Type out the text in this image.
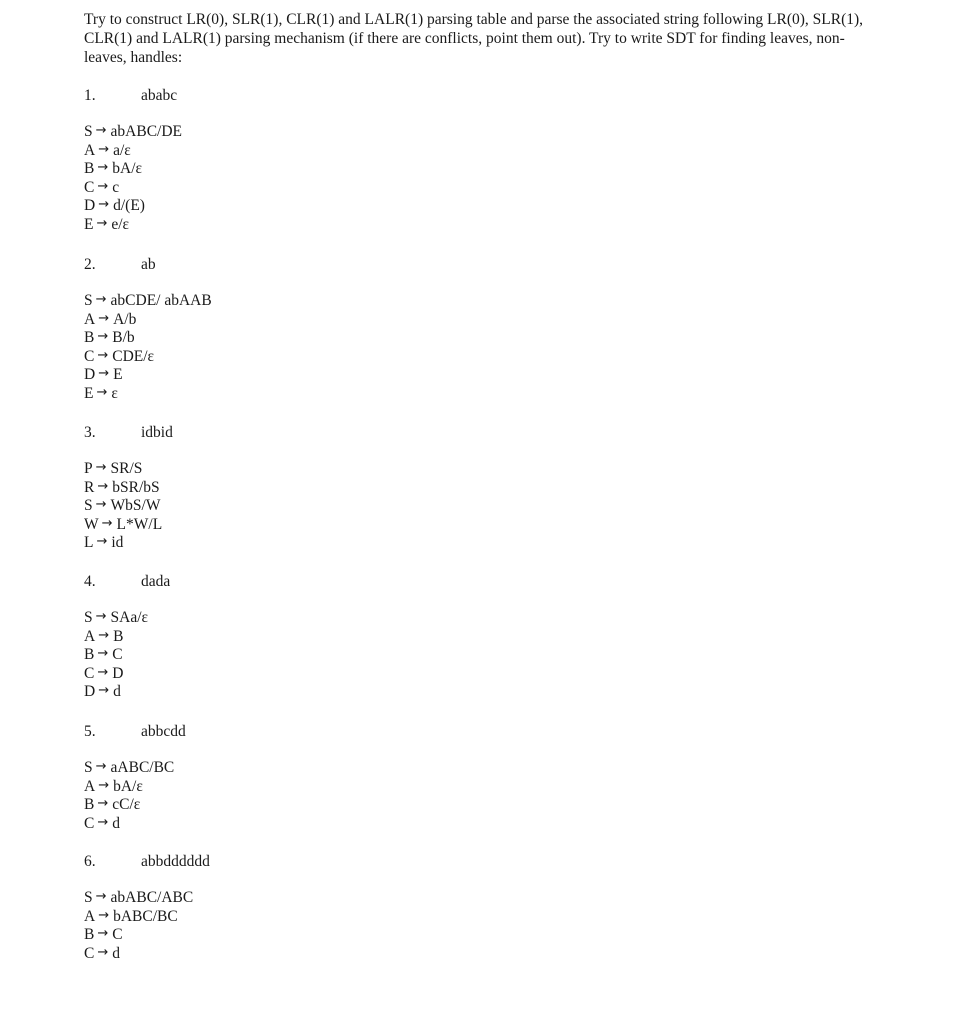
Try to construct LR(0), SLR(1), CLR(1) and LALR(1) parsing table and parse the associated string following LR(0), SLR(1), CLR(1) and LALR(1) parsing mechanism (if there are conflicts, point them out). Try to write SDT for finding leaves, non-leaves, handles:

1.	ababc
S → abABC/DE
A → a/ε
B → bA/ε
C → c
D → d/(E)
E → e/ε
2.	ab
S → abCDE/ abAAB
A → A/b
B → B/b
C → CDE/ε
D → E
E → ε
3.	idbid
P → SR/S
R → bSR/bS
S → WbS/W
W → L*W/L
L → id
4.	dada
S → SAa/ε
A → B
B → C
C → D
D → d
5.	abbcdd
S → aABC/BC
A → bA/ε
B → cC/ε
C → d
6.	abbdddddd
S → abABC/ABC
A → bABC/BC
B → C
C → d
